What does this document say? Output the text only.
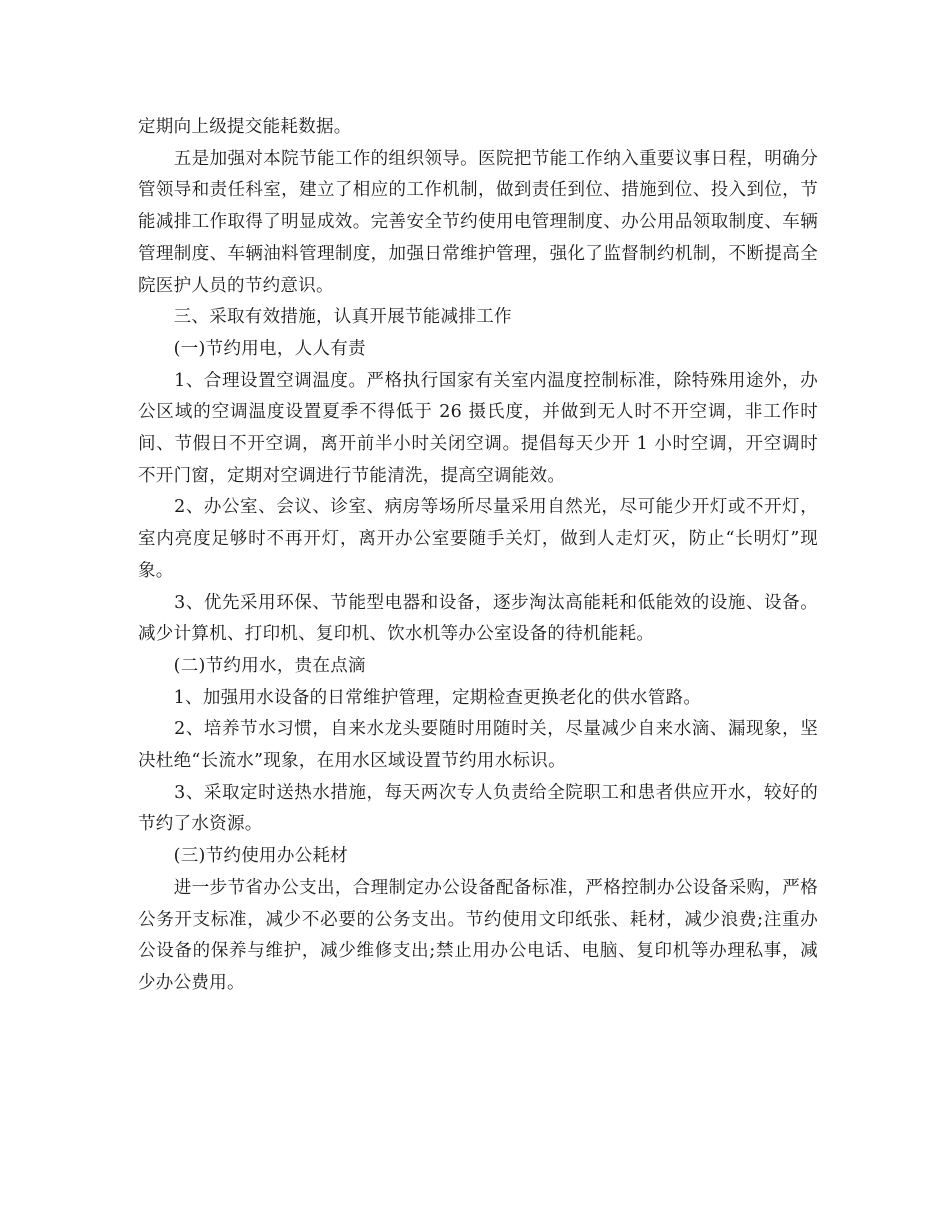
定期向上级提交能耗数据。

　　五是加强对本院节能工作的组织领导。医院把节能工作纳入重要议事日程，明确分管领导和责任科室，建立了相应的工作机制，做到责任到位、措施到位、投入到位，节能减排工作取得了明显成效。完善安全节约使用电管理制度、办公用品领取制度、车辆管理制度、车辆油料管理制度，加强日常维护管理，强化了监督制约机制，不断提高全院医护人员的节约意识。

　　三、采取有效措施，认真开展节能减排工作

　　(一)节约用电，人人有责

　　1、合理设置空调温度。严格执行国家有关室内温度控制标准，除特殊用途外，办公区域的空调温度设置夏季不得低于 26 摄氏度，并做到无人时不开空调，非工作时间、节假日不开空调，离开前半小时关闭空调。提倡每天少开 1 小时空调，开空调时不开门窗，定期对空调进行节能清洗，提高空调能效。

　　2、办公室、会议、诊室、病房等场所尽量采用自然光，尽可能少开灯或不开灯，室内亮度足够时不再开灯，离开办公室要随手关灯，做到人走灯灭，防止“长明灯”现象。

　　3、优先采用环保、节能型电器和设备，逐步淘汰高能耗和低能效的设施、设备。减少计算机、打印机、复印机、饮水机等办公室设备的待机能耗。

　　(二)节约用水，贵在点滴

　　1、加强用水设备的日常维护管理，定期检查更换老化的供水管路。

　　2、培养节水习惯，自来水龙头要随时用随时关，尽量减少自来水滴、漏现象，坚决杜绝“长流水”现象，在用水区域设置节约用水标识。

　　3、采取定时送热水措施，每天两次专人负责给全院职工和患者供应开水，较好的节约了水资源。

　　(三)节约使用办公耗材

　　进一步节省办公支出，合理制定办公设备配备标准，严格控制办公设备采购，严格公务开支标准，减少不必要的公务支出。节约使用文印纸张、耗材，减少浪费;注重办公设备的保养与维护，减少维修支出;禁止用办公电话、电脑、复印机等办理私事，减少办公费用。
